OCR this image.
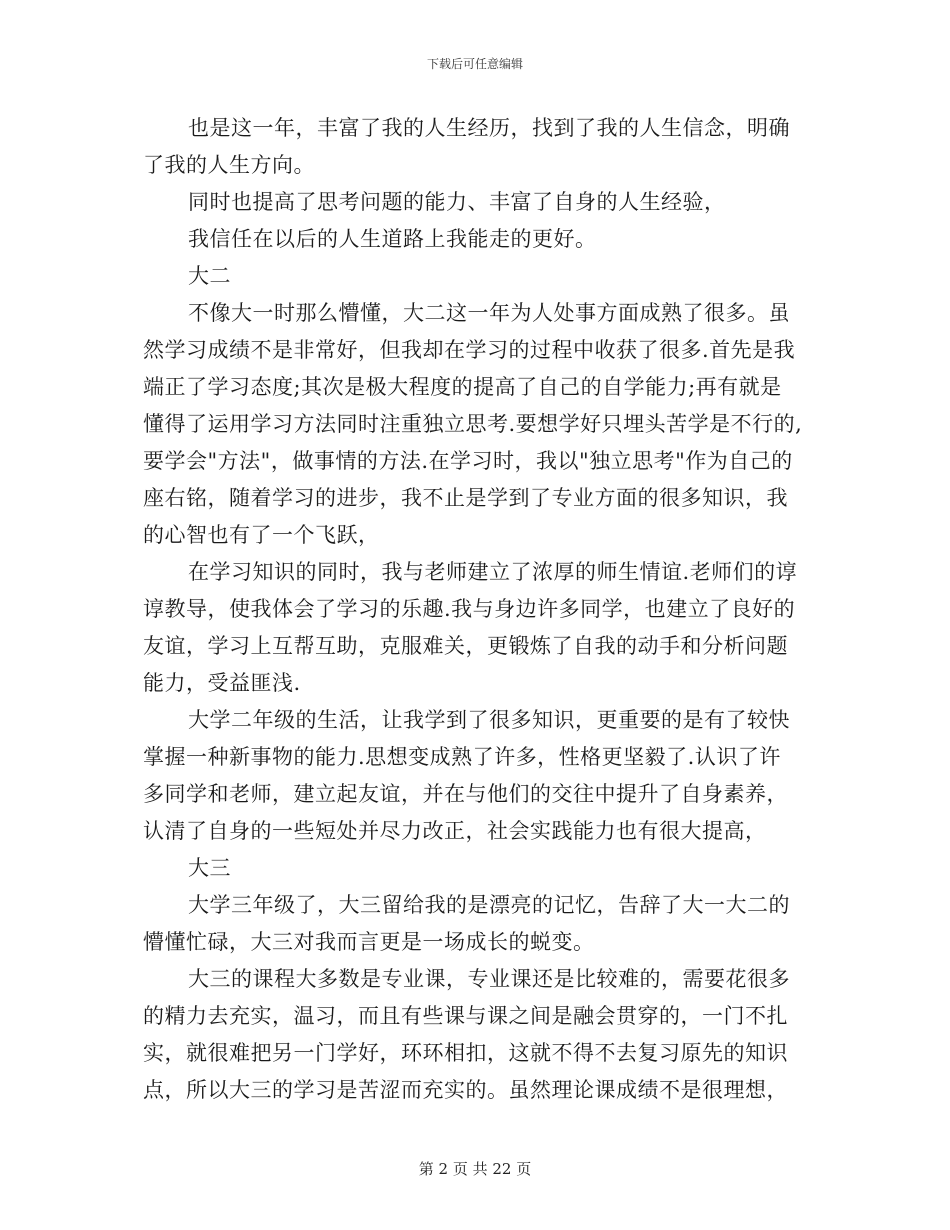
下载后可任意编辑
也是这一年，丰富了我的人生经历，找到了我的人生信念，明确
了我的人生方向。
同时也提高了思考问题的能力、丰富了自身的人生经验，
我信任在以后的人生道路上我能走的更好。
大二
不像大一时那么懵懂，大二这一年为人处事方面成熟了很多。虽
然学习成绩不是非常好，但我却在学习的过程中收获了很多.首先是我
端正了学习态度;其次是极大程度的提高了自己的自学能力;再有就是
懂得了运用学习方法同时注重独立思考.要想学好只埋头苦学是不行的,
要学会"方法"，做事情的方法.在学习时，我以"独立思考"作为自己的
座右铭，随着学习的进步，我不止是学到了专业方面的很多知识，我
的心智也有了一个飞跃，
在学习知识的同时，我与老师建立了浓厚的师生情谊.老师们的谆
谆教导，使我体会了学习的乐趣.我与身边许多同学，也建立了良好的
友谊，学习上互帮互助，克服难关，更锻炼了自我的动手和分析问题
能力，受益匪浅.
大学二年级的生活，让我学到了很多知识，更重要的是有了较快
掌握一种新事物的能力.思想变成熟了许多，性格更坚毅了.认识了许
多同学和老师，建立起友谊，并在与他们的交往中提升了自身素养，
认清了自身的一些短处并尽力改正，社会实践能力也有很大提高，
大三
大学三年级了，大三留给我的是漂亮的记忆，告辞了大一大二的
懵懂忙碌，大三对我而言更是一场成长的蜕变。
大三的课程大多数是专业课，专业课还是比较难的，需要花很多
的精力去充实，温习，而且有些课与课之间是融会贯穿的，一门不扎
实，就很难把另一门学好，环环相扣，这就不得不去复习原先的知识
点，所以大三的学习是苦涩而充实的。虽然理论课成绩不是很理想，
第 2 页 共 22 页
